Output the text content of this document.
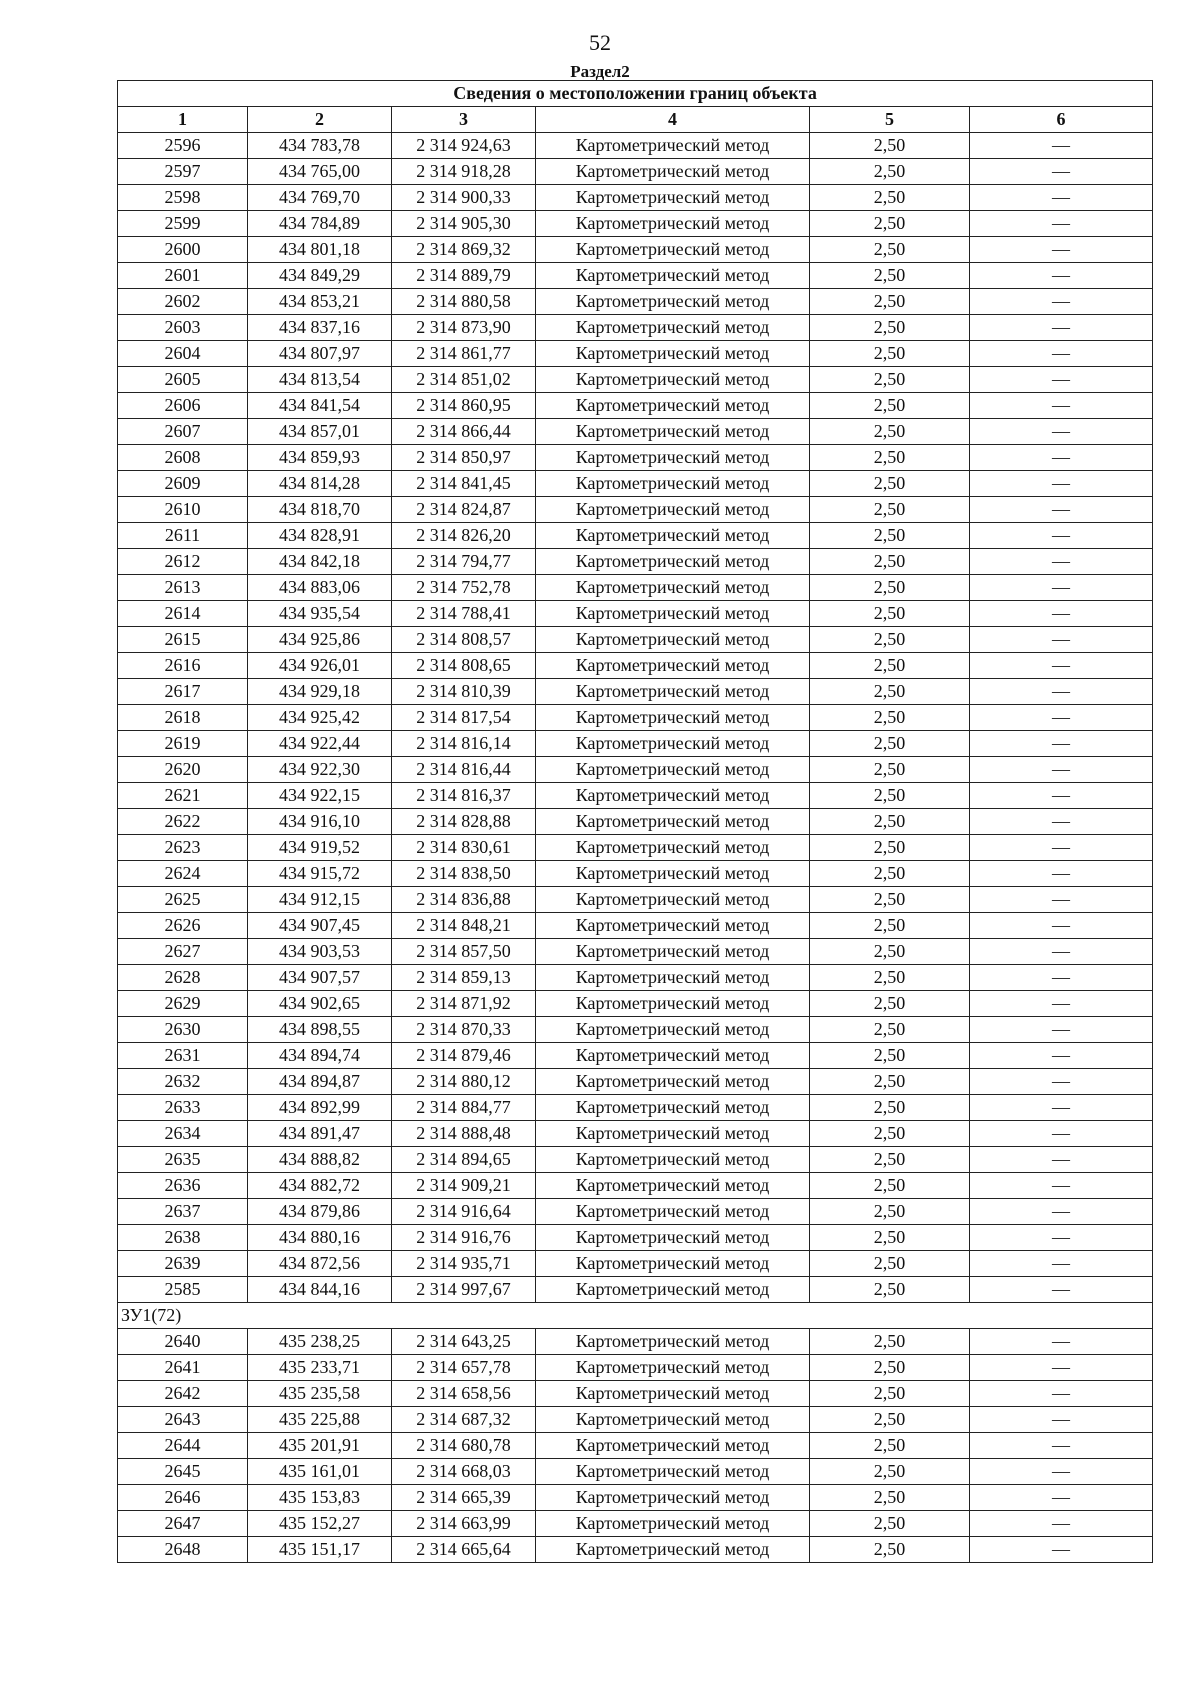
52
Раздел2
Сведения о местоположении границ объекта					
1	2	3	4	5	6
2596	434 783,78	2 314 924,63	Картометрический метод	2,50	—
2597	434 765,00	2 314 918,28	Картометрический метод	2,50	—
2598	434 769,70	2 314 900,33	Картометрический метод	2,50	—
2599	434 784,89	2 314 905,30	Картометрический метод	2,50	—
2600	434 801,18	2 314 869,32	Картометрический метод	2,50	—
2601	434 849,29	2 314 889,79	Картометрический метод	2,50	—
2602	434 853,21	2 314 880,58	Картометрический метод	2,50	—
2603	434 837,16	2 314 873,90	Картометрический метод	2,50	—
2604	434 807,97	2 314 861,77	Картометрический метод	2,50	—
2605	434 813,54	2 314 851,02	Картометрический метод	2,50	—
2606	434 841,54	2 314 860,95	Картометрический метод	2,50	—
2607	434 857,01	2 314 866,44	Картометрический метод	2,50	—
2608	434 859,93	2 314 850,97	Картометрический метод	2,50	—
2609	434 814,28	2 314 841,45	Картометрический метод	2,50	—
2610	434 818,70	2 314 824,87	Картометрический метод	2,50	—
2611	434 828,91	2 314 826,20	Картометрический метод	2,50	—
2612	434 842,18	2 314 794,77	Картометрический метод	2,50	—
2613	434 883,06	2 314 752,78	Картометрический метод	2,50	—
2614	434 935,54	2 314 788,41	Картометрический метод	2,50	—
2615	434 925,86	2 314 808,57	Картометрический метод	2,50	—
2616	434 926,01	2 314 808,65	Картометрический метод	2,50	—
2617	434 929,18	2 314 810,39	Картометрический метод	2,50	—
2618	434 925,42	2 314 817,54	Картометрический метод	2,50	—
2619	434 922,44	2 314 816,14	Картометрический метод	2,50	—
2620	434 922,30	2 314 816,44	Картометрический метод	2,50	—
2621	434 922,15	2 314 816,37	Картометрический метод	2,50	—
2622	434 916,10	2 314 828,88	Картометрический метод	2,50	—
2623	434 919,52	2 314 830,61	Картометрический метод	2,50	—
2624	434 915,72	2 314 838,50	Картометрический метод	2,50	—
2625	434 912,15	2 314 836,88	Картометрический метод	2,50	—
2626	434 907,45	2 314 848,21	Картометрический метод	2,50	—
2627	434 903,53	2 314 857,50	Картометрический метод	2,50	—
2628	434 907,57	2 314 859,13	Картометрический метод	2,50	—
2629	434 902,65	2 314 871,92	Картометрический метод	2,50	—
2630	434 898,55	2 314 870,33	Картометрический метод	2,50	—
2631	434 894,74	2 314 879,46	Картометрический метод	2,50	—
2632	434 894,87	2 314 880,12	Картометрический метод	2,50	—
2633	434 892,99	2 314 884,77	Картометрический метод	2,50	—
2634	434 891,47	2 314 888,48	Картометрический метод	2,50	—
2635	434 888,82	2 314 894,65	Картометрический метод	2,50	—
2636	434 882,72	2 314 909,21	Картометрический метод	2,50	—
2637	434 879,86	2 314 916,64	Картометрический метод	2,50	—
2638	434 880,16	2 314 916,76	Картометрический метод	2,50	—
2639	434 872,56	2 314 935,71	Картометрический метод	2,50	—
2585	434 844,16	2 314 997,67	Картометрический метод	2,50	—
ЗУ1(72)					
2640	435 238,25	2 314 643,25	Картометрический метод	2,50	—
2641	435 233,71	2 314 657,78	Картометрический метод	2,50	—
2642	435 235,58	2 314 658,56	Картометрический метод	2,50	—
2643	435 225,88	2 314 687,32	Картометрический метод	2,50	—
2644	435 201,91	2 314 680,78	Картометрический метод	2,50	—
2645	435 161,01	2 314 668,03	Картометрический метод	2,50	—
2646	435 153,83	2 314 665,39	Картометрический метод	2,50	—
2647	435 152,27	2 314 663,99	Картометрический метод	2,50	—
2648	435 151,17	2 314 665,64	Картометрический метод	2,50	—
